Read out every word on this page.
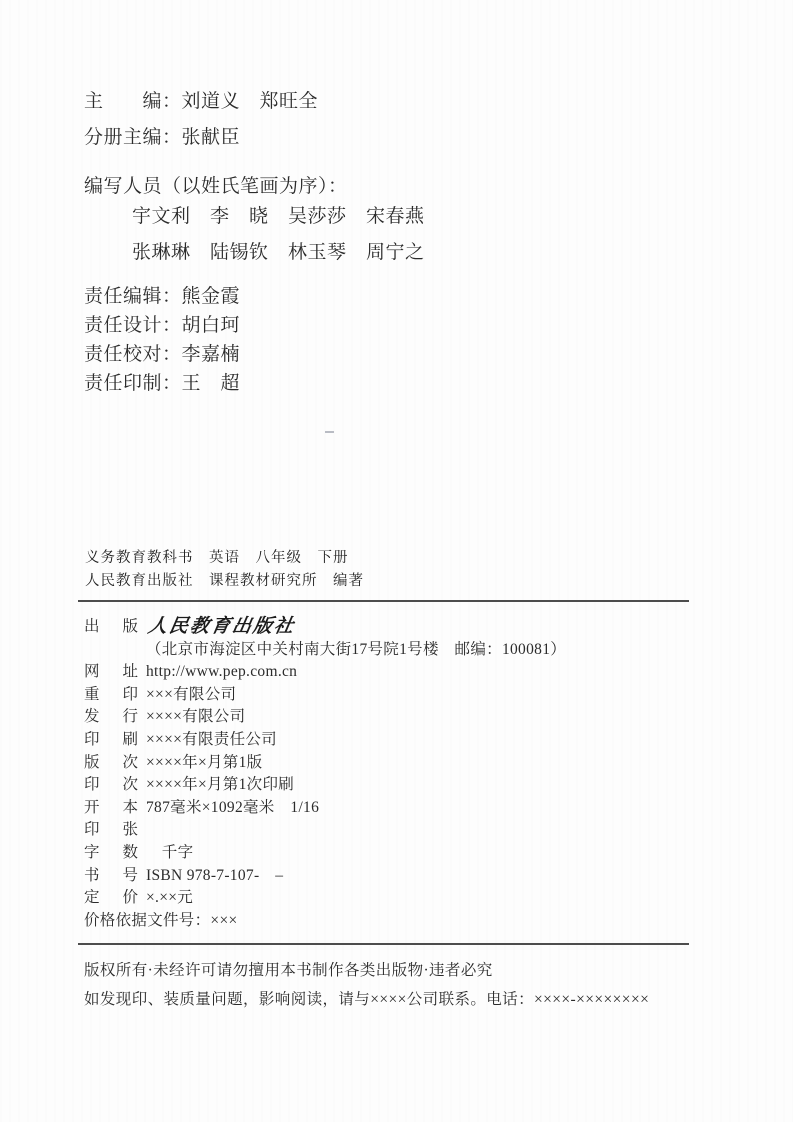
主　　编：刘道义　郑旺全
分册主编：张献臣
编写人员（以姓氏笔画为序）：
宇文利　李　晓　吴莎莎　宋春燕
张琳琳　陆锡钦　林玉琴　周宁之
责任编辑：熊金霞
责任设计：胡白珂
责任校对：李嘉楠
责任印制：王　超
义务教育教科书　英语　八年级　下册
人民教育出版社　课程教材研究所　编著
出版 人民教育出版社
（北京市海淀区中关村南大街17号院1号楼　邮编：100081）
网址 http://www.pep.com.cn
重印 ×××有限公司
发行 ××××有限公司
印刷 ××××有限责任公司
版次 ××××年×月第1版
印次 ××××年×月第1次印刷
开本 787毫米×1092毫米　1/16
印张
字数 　千字
书号 ISBN 978-7-107-　–
定价 ×.××元
价格依据文件号：×××
版权所有·未经许可请勿擅用本书制作各类出版物·违者必究
如发现印、装质量问题，影响阅读，请与××××公司联系。电话：××××-××××××××
